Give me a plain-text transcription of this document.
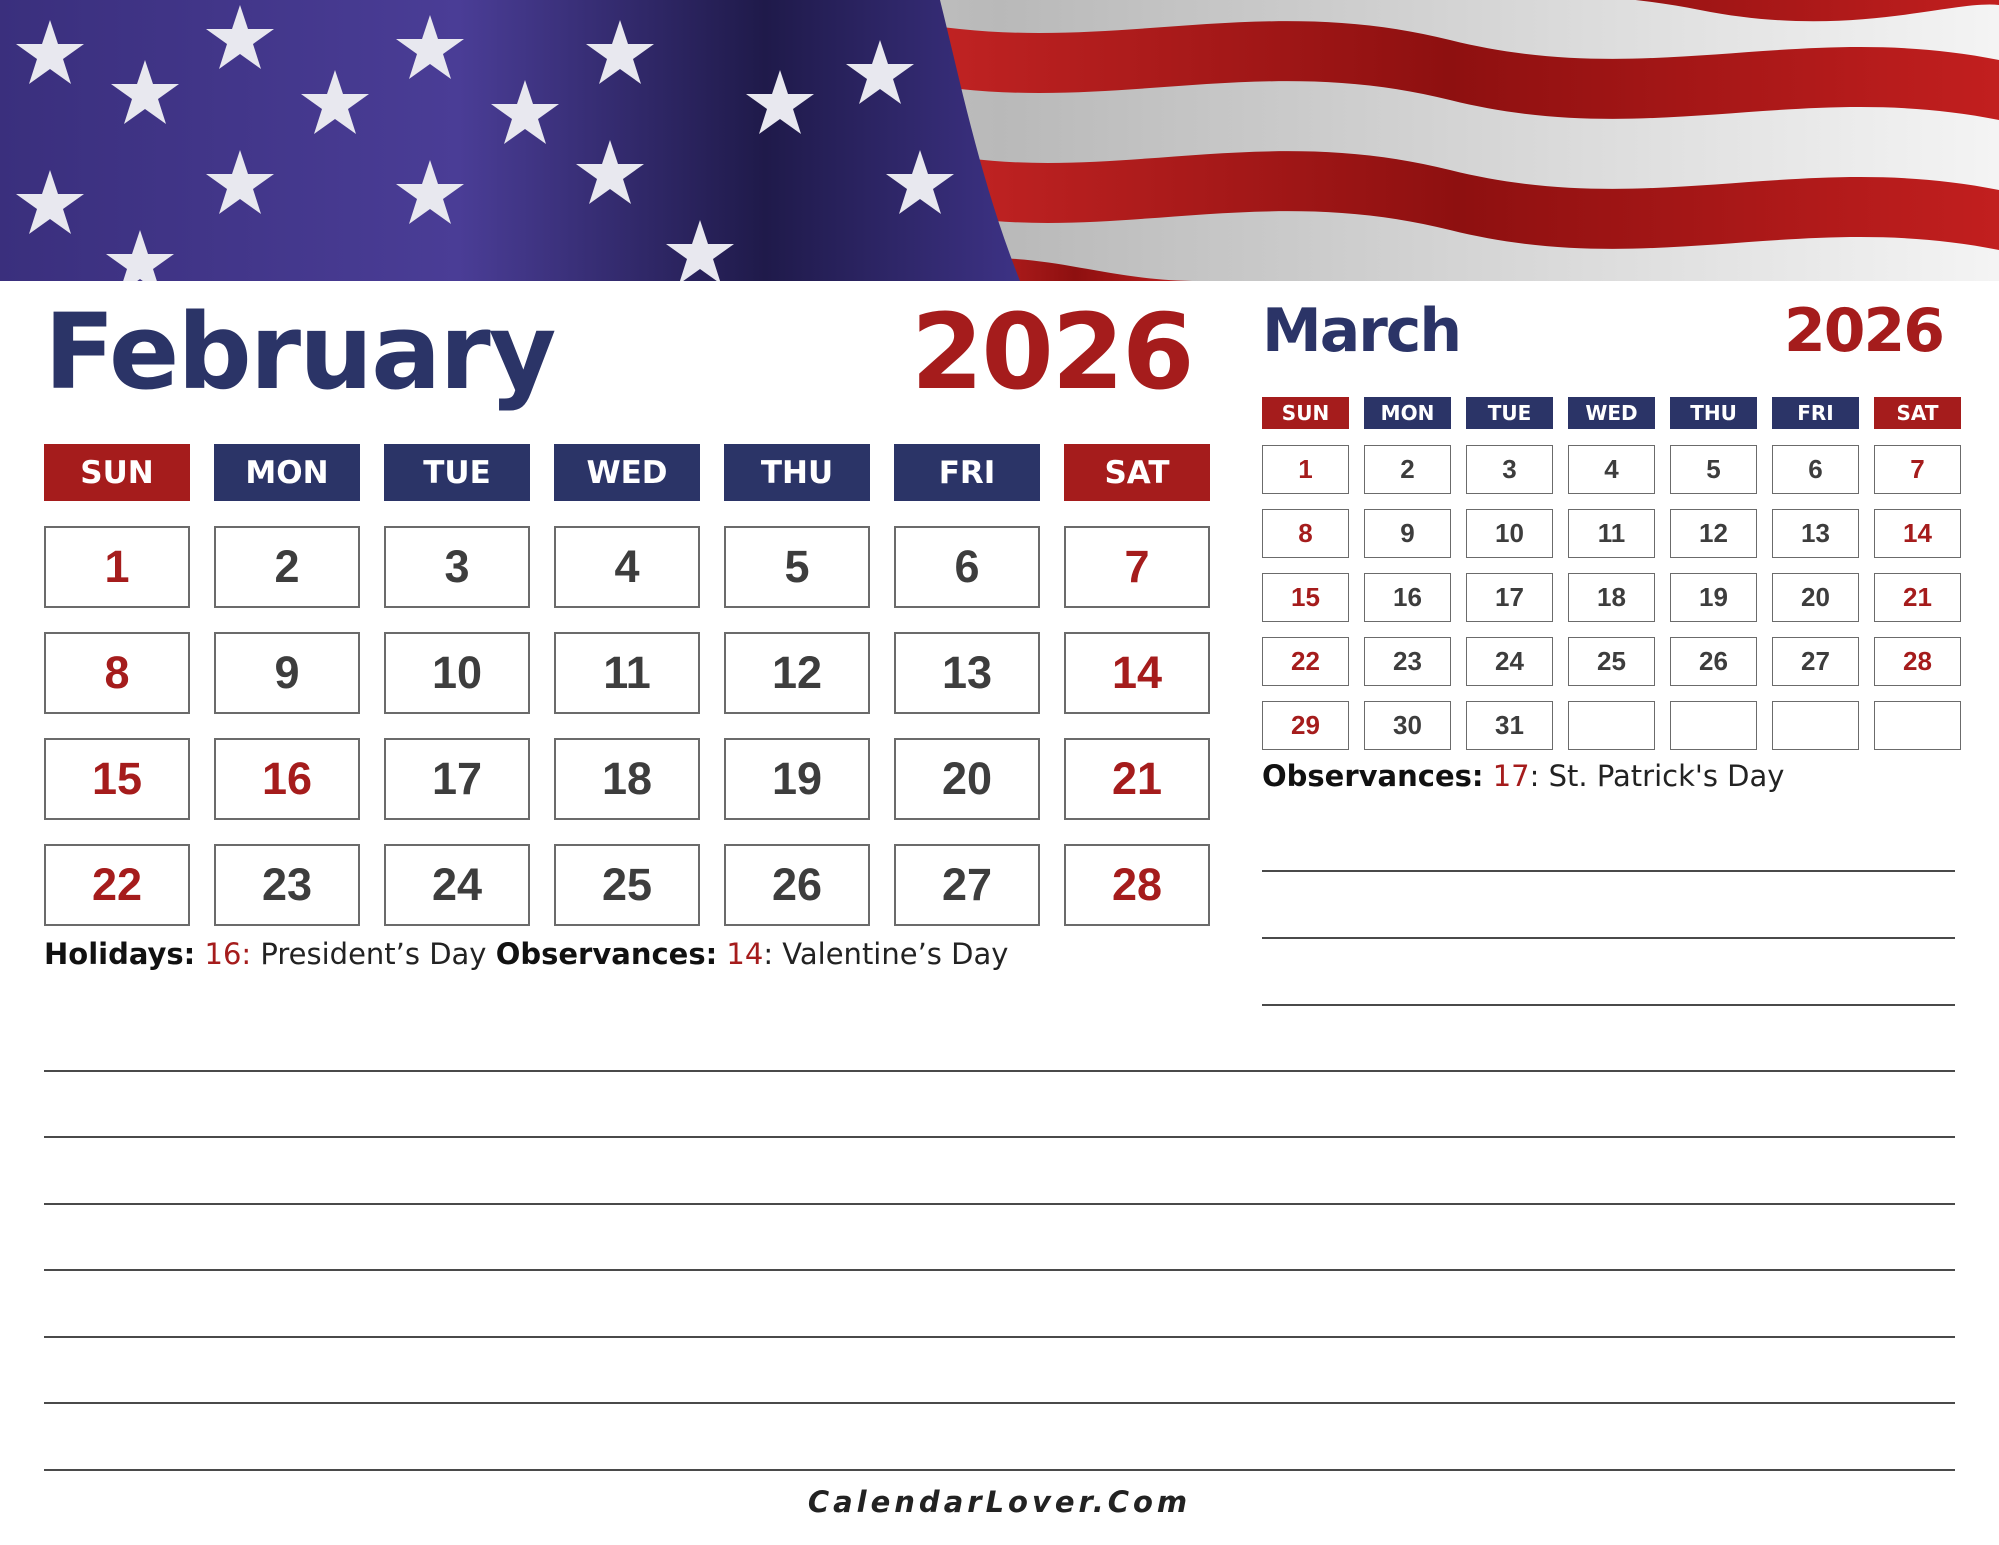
February	2026
SUN	MON	TUE	WED	THU	FRI	SAT
1	2	3	4	5	6	7
8	9	10	11	12	13	14
15	16	17	18	19	20	21
22	23	24	25	26	27	28
Holidays: 16: President’s Day Observances: 14: Valentine’s Day
March	2026
SUN	MON	TUE	WED	THU	FRI	SAT
1	2	3	4	5	6	7
8	9	10	11	12	13	14
15	16	17	18	19	20	21
22	23	24	25	26	27	28
29	30	31
Observances: 17: St. Patrick's Day
CalendarLover.Com
